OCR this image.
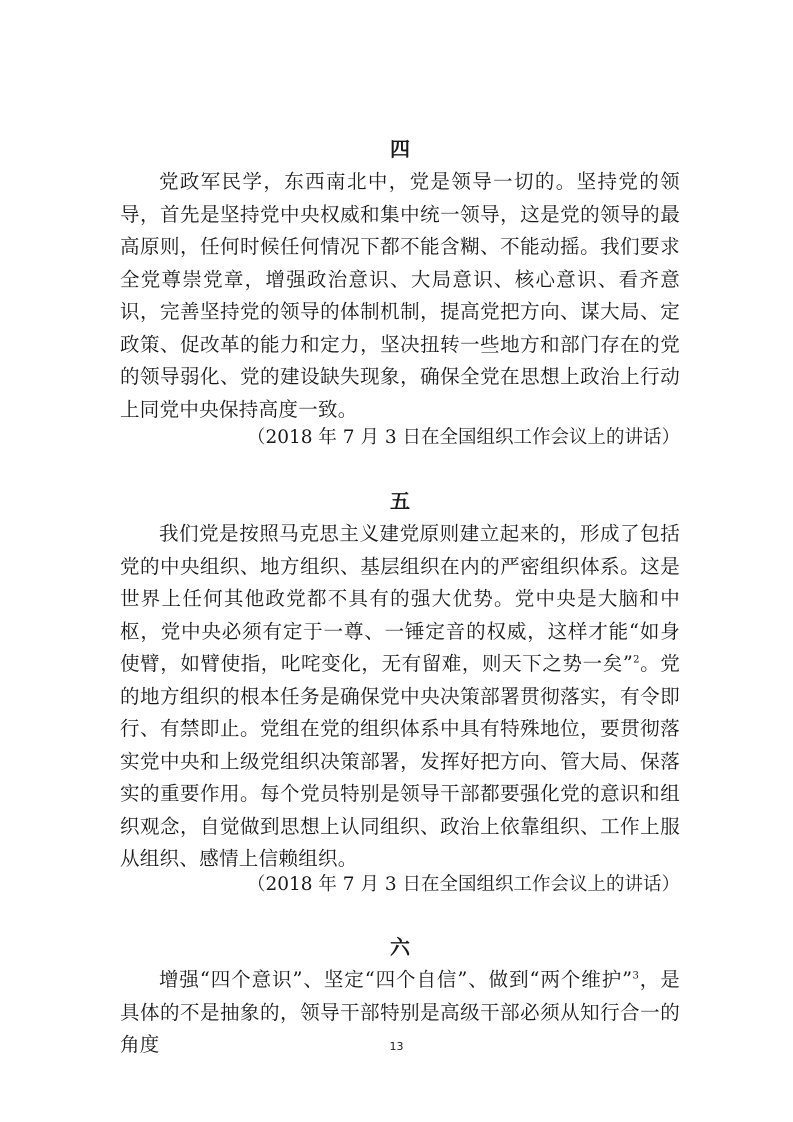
四

党政军民学，东西南北中，党是领导一切的。坚持党的领导，首先是坚持党中央权威和集中统一领导，这是党的领导的最高原则，任何时候任何情况下都不能含糊、不能动摇。我们要求全党尊崇党章，增强政治意识、大局意识、核心意识、看齐意识，完善坚持党的领导的体制机制，提高党把方向、谋大局、定政策、促改革的能力和定力，坚决扭转一些地方和部门存在的党的领导弱化、党的建设缺失现象，确保全党在思想上政治上行动上同党中央保持高度一致。

（2018 年 7 月 3 日在全国组织工作会议上的讲话）
五

我们党是按照马克思主义建党原则建立起来的，形成了包括党的中央组织、地方组织、基层组织在内的严密组织体系。这是世界上任何其他政党都不具有的强大优势。党中央是大脑和中枢，党中央必须有定于一尊、一锤定音的权威，这样才能“如身使臂，如臂使指，叱咤变化，无有留难，则天下之势一矣”$^2$。党的地方组织的根本任务是确保党中央决策部署贯彻落实，有令即行、有禁即止。党组在党的组织体系中具有特殊地位，要贯彻落实党中央和上级党组织决策部署，发挥好把方向、管大局、保落实的重要作用。每个党员特别是领导干部都要强化党的意识和组织观念，自觉做到思想上认同组织、政治上依靠组织、工作上服从组织、感情上信赖组织。

（2018 年 7 月 3 日在全国组织工作会议上的讲话）
六

增强“四个意识”、坚定“四个自信”、做到“两个维护”$^3$，是具体的不是抽象的，领导干部特别是高级干部必须从知行合一的角度	13
